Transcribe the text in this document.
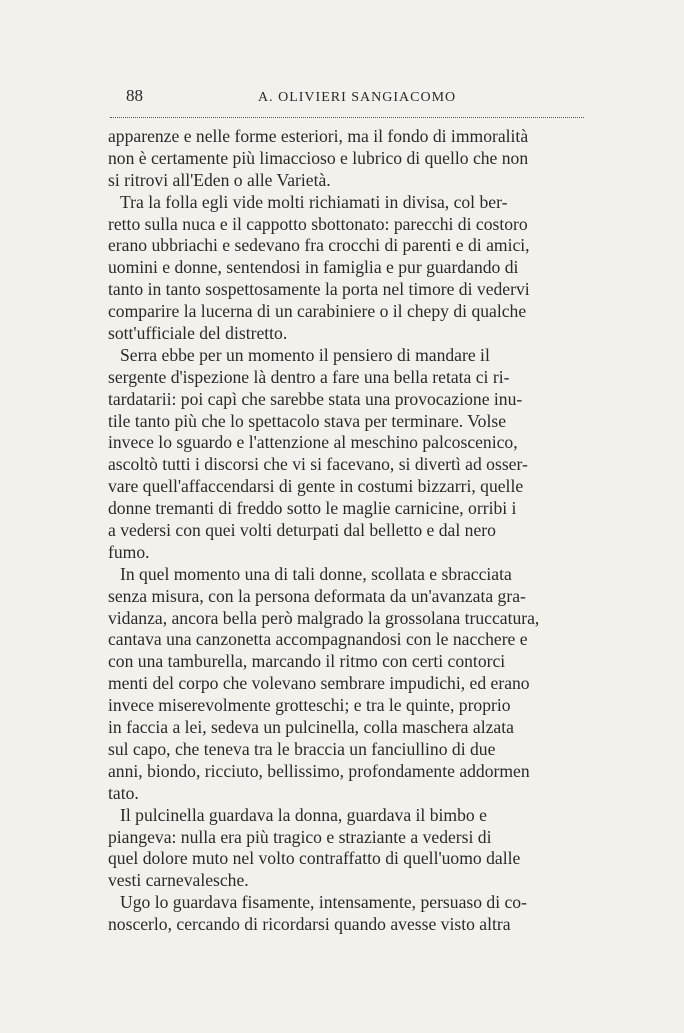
88	A. OLIVIERI SANGIACOMO
apparenze e nelle forme esteriori, ma il fondo di immoralità
non è certamente più limaccioso e lubrico di quello che non
si ritrovi all'Eden o alle Varietà.
Tra la folla egli vide molti richiamati in divisa, col ber-
retto sulla nuca e il cappotto sbottonato: parecchi di costoro
erano ubbriachi e sedevano fra crocchi di parenti e di amici,
uomini e donne, sentendosi in famiglia e pur guardando di
tanto in tanto sospettosamente la porta nel timore di vedervi
comparire la lucerna di un carabiniere o il chepy di qualche
sott'ufficiale del distretto.
Serra ebbe per un momento il pensiero di mandare il
sergente d'ispezione là dentro a fare una bella retata ci ri-
tardatarii: poi capì che sarebbe stata una provocazione inu-
tile tanto più che lo spettacolo stava per terminare. Volse
invece lo sguardo e l'attenzione al meschino palcoscenico,
ascoltò tutti i discorsi che vi si facevano, si divertì ad osser-
vare quell'affaccendarsi di gente in costumi bizzarri, quelle
donne tremanti di freddo sotto le maglie carnicine, orribi i
a vedersi con quei volti deturpati dal belletto e dal nero
fumo.
In quel momento una di tali donne, scollata e sbracciata
senza misura, con la persona deformata da un'avanzata gra-
vidanza, ancora bella però malgrado la grossolana truccatura,
cantava una canzonetta accompagnandosi con le nacchere e
con una tamburella, marcando il ritmo con certi contorci
menti del corpo che volevano sembrare impudichi, ed erano
invece miserevolmente grotteschi; e tra le quinte, proprio
in faccia a lei, sedeva un pulcinella, colla maschera alzata
sul capo, che teneva tra le braccia un fanciullino di due
anni, biondo, ricciuto, bellissimo, profondamente addormen
tato.
Il pulcinella guardava la donna, guardava il bimbo e
piangeva: nulla era più tragico e straziante a vedersi di
quel dolore muto nel volto contraffatto di quell'uomo dalle
vesti carnevalesche.
Ugo lo guardava fisamente, intensamente, persuaso di co-
noscerlo, cercando di ricordarsi quando avesse visto altra
